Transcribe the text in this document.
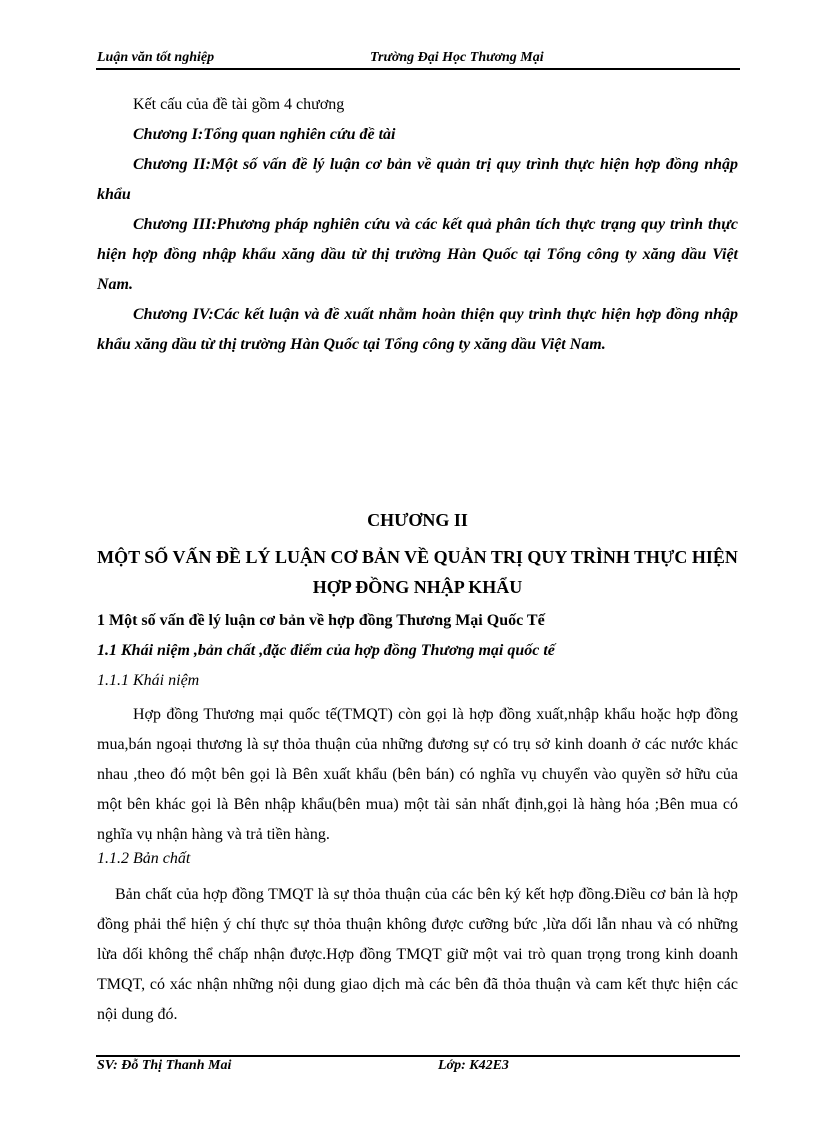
Luận văn tốt nghiệp	Trường Đại Học Thương Mại

Kết cấu của đề tài gồm 4 chương

Chương I:Tổng quan nghiên cứu đề tài

Chương II:Một số vấn đề lý luận cơ bản về quản trị quy trình thực hiện hợp đồng nhập khẩu

Chương III:Phương pháp nghiên cứu và các kết quả phân tích thực trạng quy trình thực hiện hợp đồng nhập khẩu xăng dầu từ thị trường Hàn Quốc tại Tổng công ty xăng dầu Việt Nam.

Chương IV:Các kết luận và đề xuất nhằm hoàn thiện quy trình thực hiện hợp đồng nhập khẩu xăng dầu từ thị trường Hàn Quốc tại Tổng công ty xăng dầu Việt Nam.

CHƯƠNG II
MỘT SỐ VẤN ĐỀ LÝ LUẬN CƠ BẢN VỀ QUẢN TRỊ QUY TRÌNH THỰC HIỆN HỢP ĐỒNG NHẬP KHẨU
1 Một số vấn đề lý luận cơ bản về hợp đồng Thương Mại Quốc Tế
1.1 Khái niệm ,bản chất ,đặc điểm của hợp đồng Thương mại quốc tế
1.1.1 Khái niệm

Hợp đồng Thương mại quốc tế(TMQT) còn gọi là hợp đồng xuất,nhập khẩu hoặc hợp đồng mua,bán ngoại thương là sự thỏa thuận của những đương sự có trụ sở kinh doanh ở các nước khác nhau ,theo đó một bên gọi là Bên xuất khẩu (bên bán) có nghĩa vụ chuyển vào quyền sở hữu của một bên khác gọi là Bên nhập khẩu(bên mua) một tài sản nhất định,gọi là hàng hóa ;Bên mua có nghĩa vụ nhận hàng và trả tiền hàng.

1.1.2 Bản chất

Bản chất của hợp đồng TMQT là sự thỏa thuận của các bên ký kết hợp đồng.Điều cơ bản là hợp đồng phải thể hiện ý chí thực sự thỏa thuận không được cưỡng bức ,lừa dối lẫn nhau và có những lừa dối không thể chấp nhận được.Hợp đồng TMQT giữ một vai trò quan trọng trong kinh doanh TMQT, có xác nhận những nội dung giao dịch mà các bên đã thỏa thuận và cam kết thực hiện các nội dung đó.

SV: Đỗ Thị Thanh Mai	Lớp: K42E3
